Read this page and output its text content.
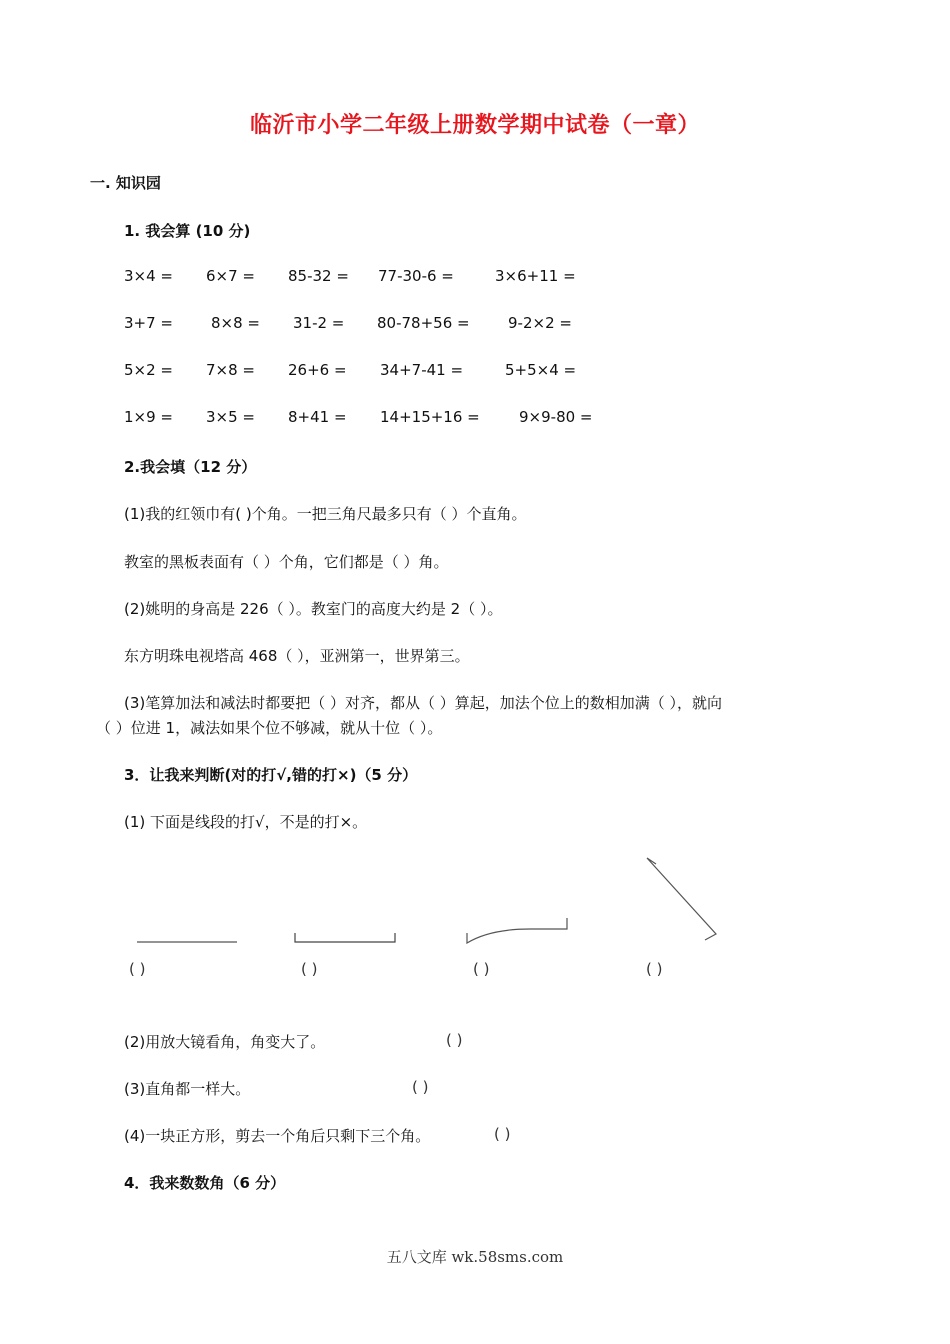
临沂市小学二年级上册数学期中试卷（一章）
一. 知识园
1. 我会算 (10 分)
3×4 = 6×7 = 85-32 = 77-30-6 =	3×6+11 =
3+7 =	8×8 = 31-2 = 80-78+56 =	9-2×2 =
5×2 = 7×8 = 26+6 = 34+7-41 =	5+5×4 =
1×9 = 3×5 = 8+41 = 14+15+16 =	9×9-80 =
2.我会填（12 分）
(1)我的红领巾有( )个角。一把三角尺最多只有（ ）个直角。
教室的黑板表面有（ ）个角，它们都是（ ）角。
(2)姚明的身高是 226（ ）。教室门的高度大约是 2（ ）。
东方明珠电视塔高 468（ ），亚洲第一，世界第三。
(3)笔算加法和减法时都要把（ ）对齐，都从（ ）算起，加法个位上的数相加满（ ），就向
（ ）位进 1，减法如果个位不够减，就从十位（ ）。
3．让我来判断(对的打√,错的打×)（5 分）
(1) 下面是线段的打√，不是的打×。
( )	( )	( )	( )
(2)用放大镜看角，角变大了。	( )
(3)直角都一样大。	( )
(4)一块正方形，剪去一个角后只剩下三个角。	( )
4．我来数数角（6 分）
五八文库 wk.58sms.com
